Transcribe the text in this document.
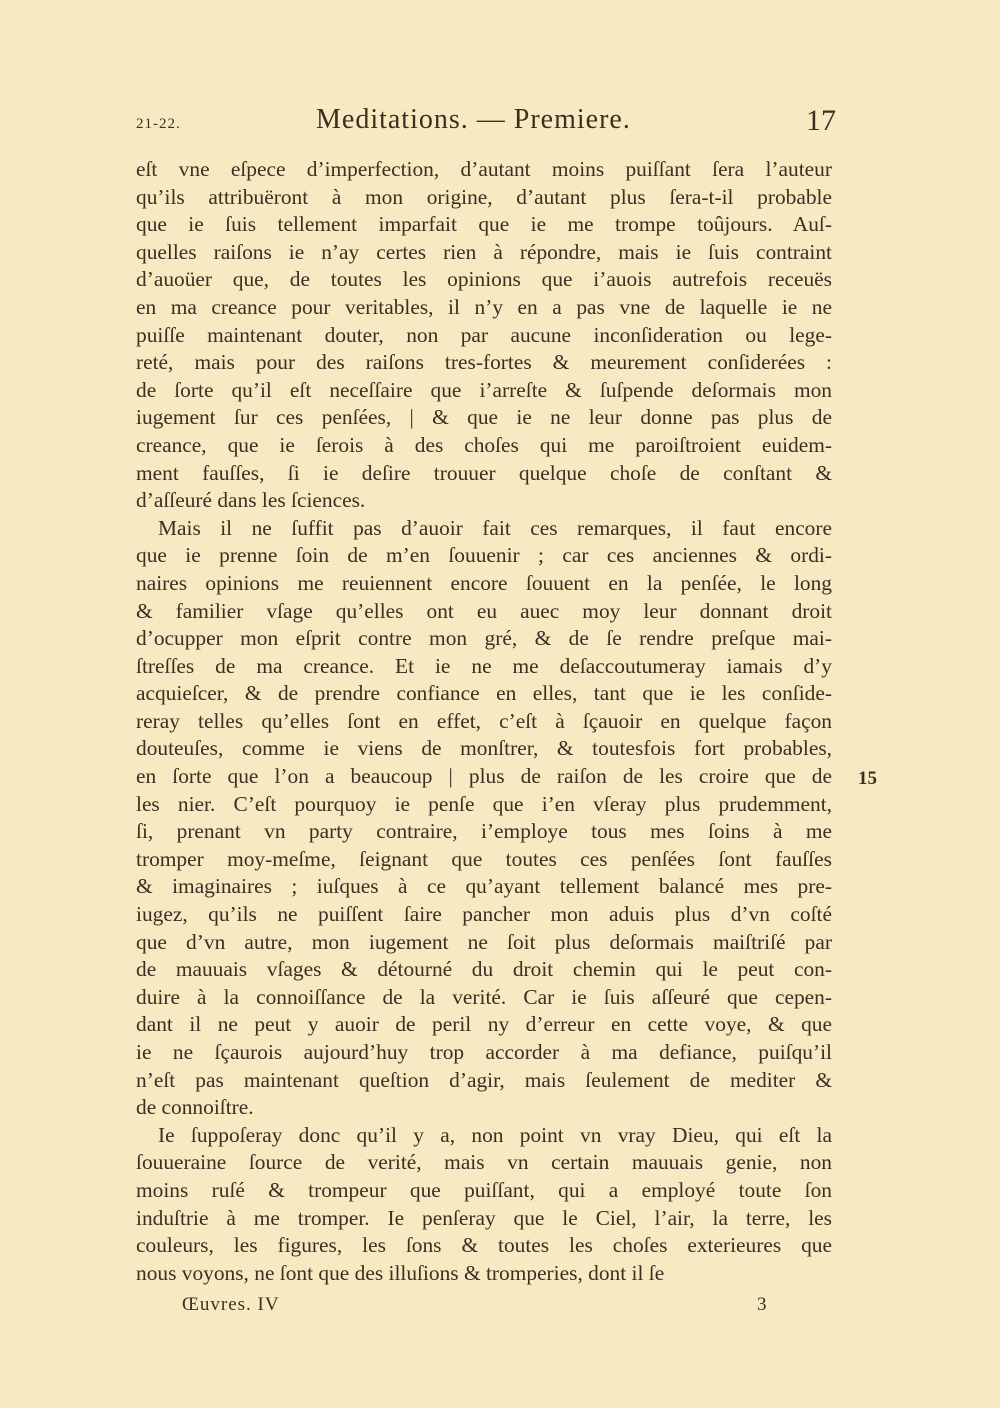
21-22.	Meditations. — Premiere.	17
eſt vne eſpece d’imperfection, d’autant moins puiſſant ſera l’auteur
qu’ils attribuëront à mon origine, d’autant plus ſera-t-il probable
que ie ſuis tellement imparfait que ie me trompe toûjours. Auſ-
quelles raiſons ie n’ay certes rien à répondre, mais ie ſuis contraint
d’auoüer que, de toutes les opinions que i’auois autrefois receuës
en ma creance pour veritables, il n’y en a pas vne de laquelle ie ne
puiſſe maintenant douter, non par aucune inconſideration ou lege-
reté, mais pour des raiſons tres-fortes & meurement conſiderées :
de ſorte qu’il eſt neceſſaire que i’arreſte & ſuſpende deſormais mon
iugement ſur ces penſées, | & que ie ne leur donne pas plus de
creance, que ie ſerois à des choſes qui me paroiſtroient euidem-
ment fauſſes, ſi ie deſire trouuer quelque choſe de conſtant &
d’aſſeuré dans les ſciences.
Mais il ne ſuffit pas d’auoir fait ces remarques, il faut encore
que ie prenne ſoin de m’en ſouuenir ; car ces anciennes & ordi-
naires opinions me reuiennent encore ſouuent en la penſée, le long
& familier vſage qu’elles ont eu auec moy leur donnant droit
d’ocupper mon eſprit contre mon gré, & de ſe rendre preſque mai-
ſtreſſes de ma creance. Et ie ne me deſaccoutumeray iamais d’y
acquieſcer, & de prendre confiance en elles, tant que ie les conſide-
reray telles qu’elles ſont en effet, c’eſt à ſçauoir en quelque façon
douteuſes, comme ie viens de monſtrer, & toutesfois fort probables,
en ſorte que l’on a beaucoup | plus de raiſon de les croire que de
les nier. C’eſt pourquoy ie penſe que i’en vſeray plus prudemment,
ſi, prenant vn party contraire, i’employe tous mes ſoins à me
tromper moy-meſme, ſeignant que toutes ces penſées ſont fauſſes
& imaginaires ; iuſques à ce qu’ayant tellement balancé mes pre-
iugez, qu’ils ne puiſſent ſaire pancher mon aduis plus d’vn coſté
que d’vn autre, mon iugement ne ſoit plus deſormais maiſtriſé par
de mauuais vſages & détourné du droit chemin qui le peut con-
duire à la connoiſſance de la verité. Car ie ſuis aſſeuré que cepen-
dant il ne peut y auoir de peril ny d’erreur en cette voye, & que
ie ne ſçaurois aujourd’huy trop accorder à ma defiance, puiſqu’il
n’eſt pas maintenant queſtion d’agir, mais ſeulement de mediter &
de connoiſtre.
Ie ſuppoſeray donc qu’il y a, non point vn vray Dieu, qui eſt la
ſouueraine ſource de verité, mais vn certain mauuais genie, non
moins ruſé & trompeur que puiſſant, qui a employé toute ſon
induſtrie à me tromper. Ie penſeray que le Ciel, l’air, la terre, les
couleurs, les figures, les ſons & toutes les choſes exterieures que
nous voyons, ne ſont que des illuſions & tromperies, dont il ſe
15
Œuvres. IV	3
